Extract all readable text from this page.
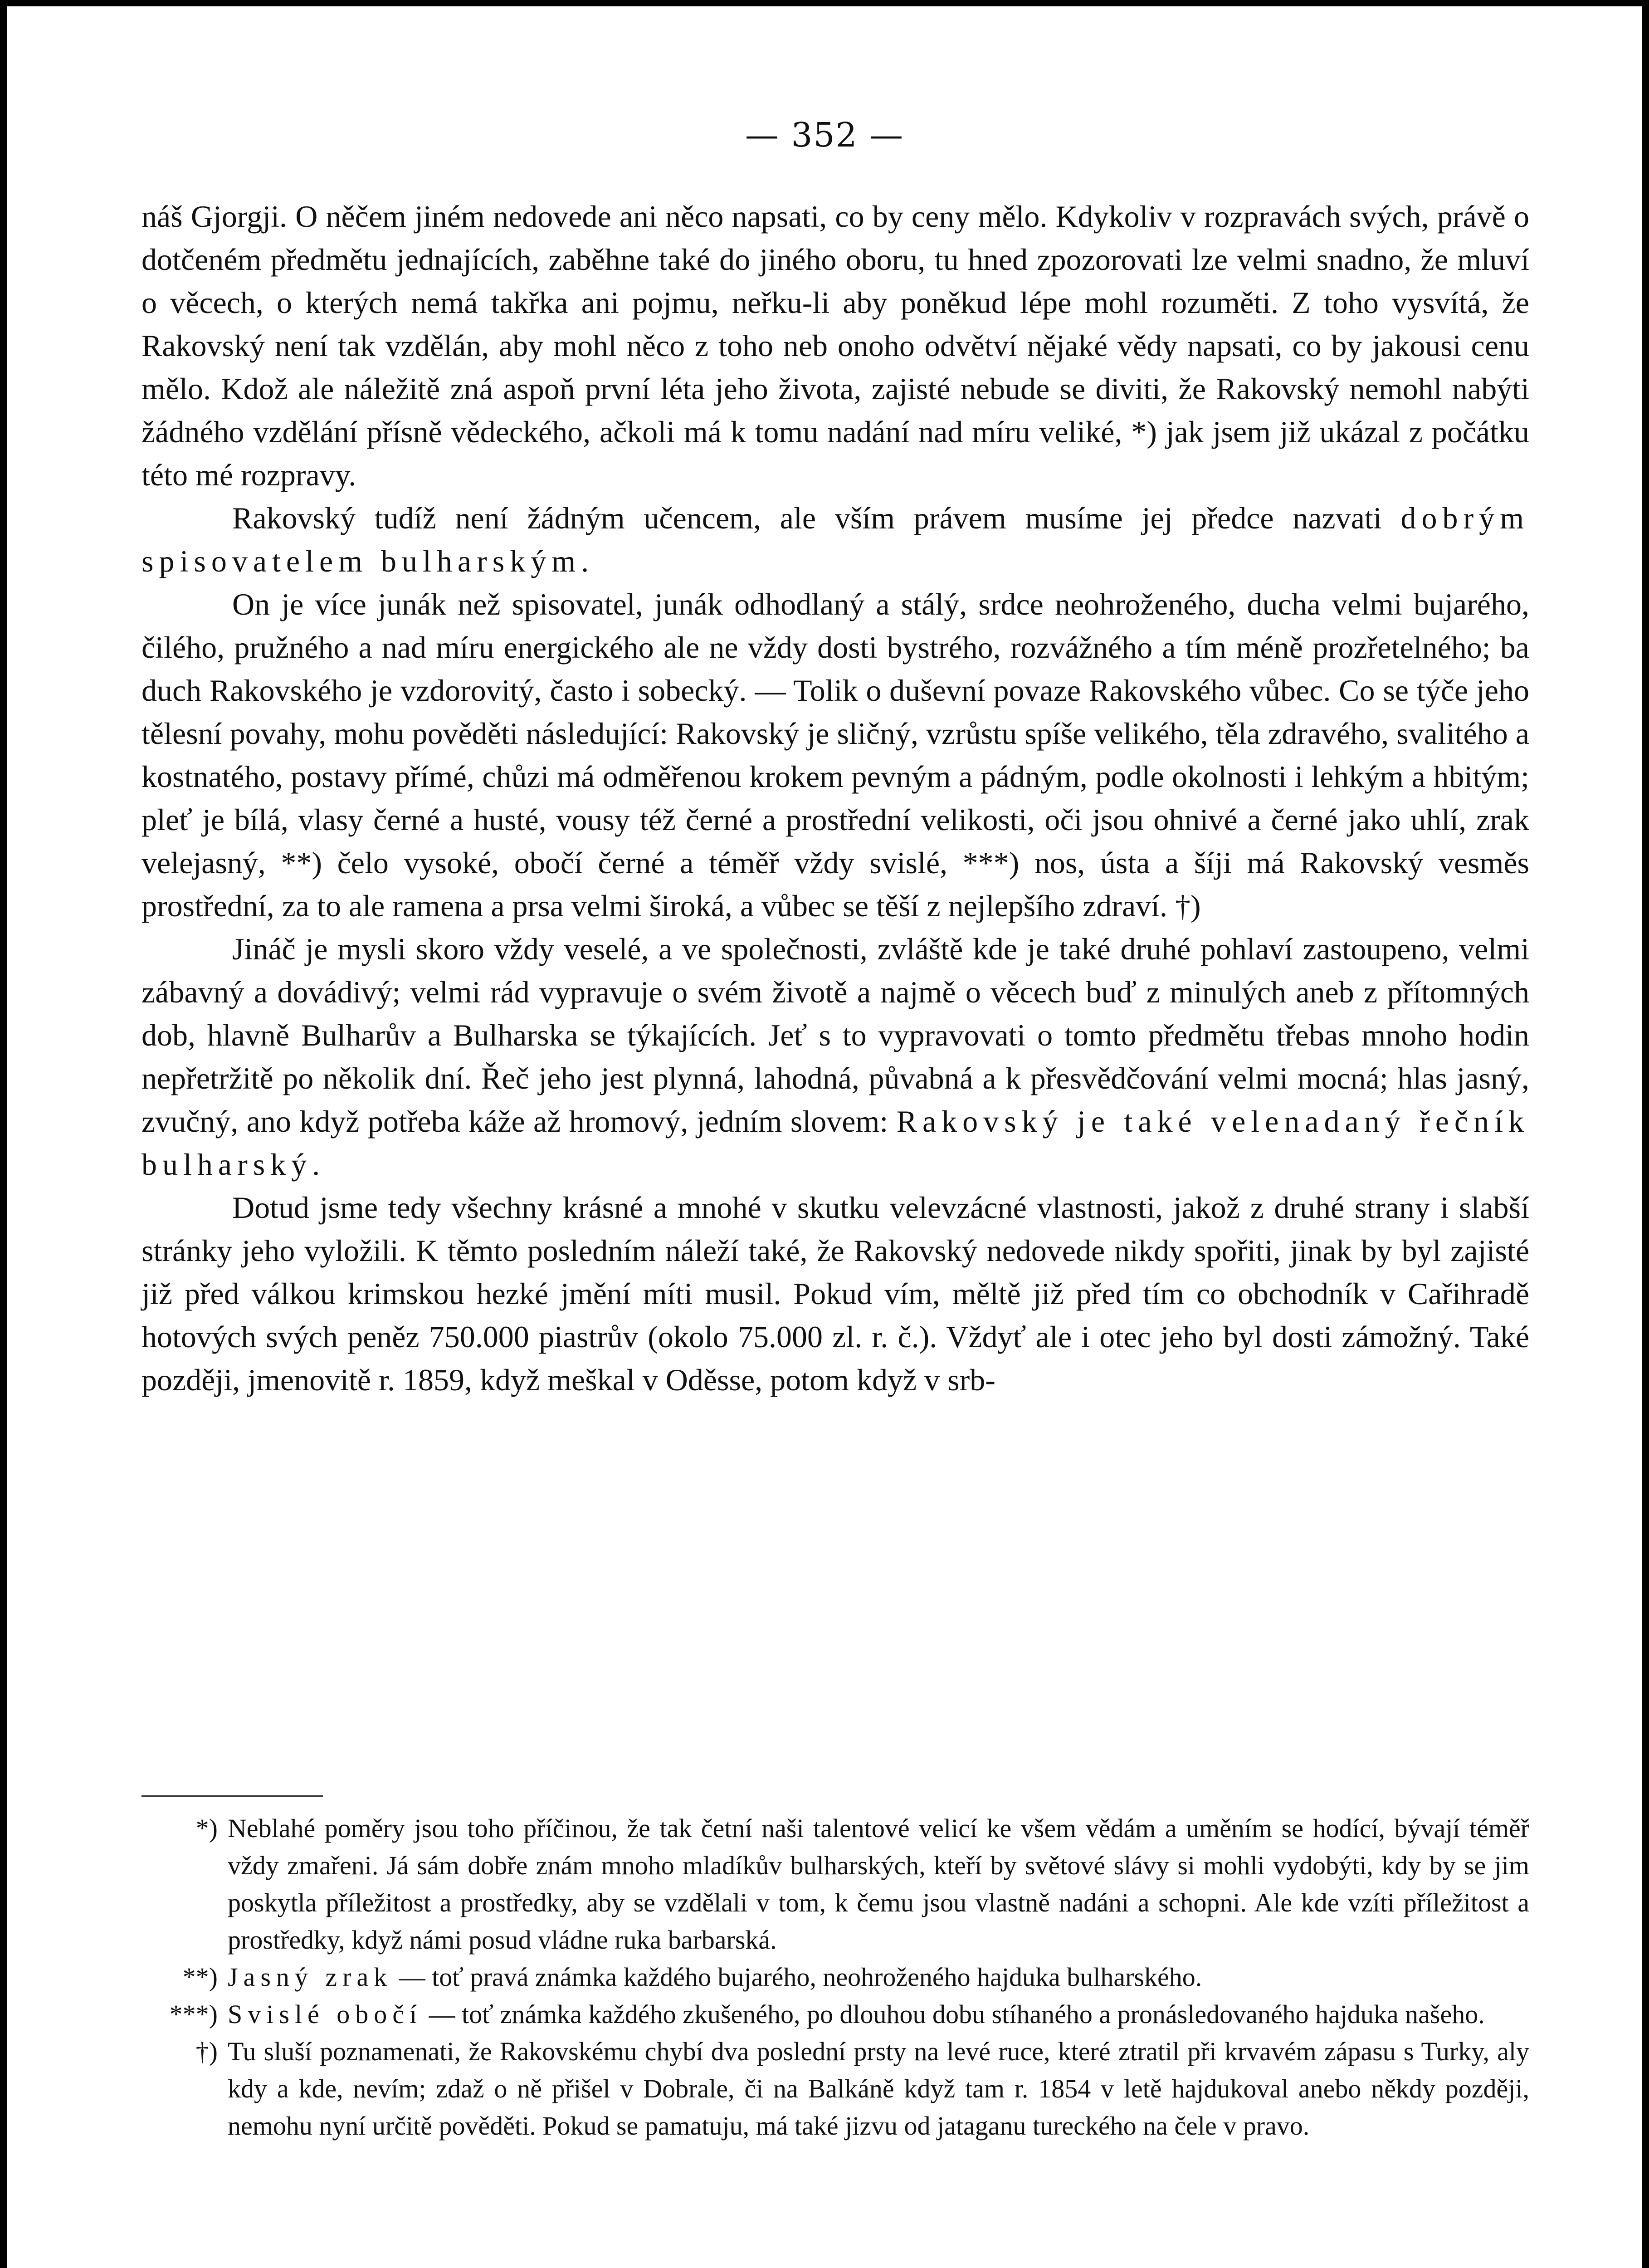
— 352 —

náš Gjorgji. O něčem jiném nedovede ani něco napsati, co by ceny mělo. Kdykoliv v rozpravách svých, právě o dotčeném předmětu jednajících, zaběhne také do jiného oboru, tu hned zpozorovati lze velmi snadno, že mluví o věcech, o kterých nemá takřka ani pojmu, neřku-li aby poněkud lépe mohl rozuměti. Z toho vysvítá, že Rakovský není tak vzdělán, aby mohl něco z toho neb onoho odvětví nějaké vědy napsati, co by jakousi cenu mělo. Kdož ale náležitě zná aspoň první léta jeho života, zajisté nebude se diviti, že Rakovský nemohl nabýti žádného vzdělání přísně vědeckého, ačkoli má k tomu nadání nad míru veliké, *) jak jsem již ukázal z počátku této mé rozpravy.

Rakovský tudíž není žádným učencem, ale vším právem musíme jej předce nazvati dobrým spisovatelem bulharským.

On je více junák než spisovatel, junák odhodlaný a stálý, srdce neohroženého, ducha velmi bujarého, čilého, pružného a nad míru energického ale ne vždy dosti bystrého, rozvážného a tím méně prozřetelného; ba duch Rakovského je vzdorovitý, často i sobecký. — Tolik o duševní povaze Rakovského vůbec. Co se týče jeho tělesní povahy, mohu pověděti následující: Rakovský je sličný, vzrůstu spíše velikého, těla zdravého, svalitého a kostnatého, postavy přímé, chůzi má odměřenou krokem pevným a pádným, podle okolnosti i lehkým a hbitým; pleť je bílá, vlasy černé a husté, vousy též černé a prostřední velikosti, oči jsou ohnivé a černé jako uhlí, zrak velejasný, **) čelo vysoké, obočí černé a téměř vždy svislé, ***) nos, ústa a šíji má Rakovský vesměs prostřední, za to ale ramena a prsa velmi široká, a vůbec se těší z nejlepšího zdraví. †)

Jináč je mysli skoro vždy veselé, a ve společnosti, zvláště kde je také druhé pohlaví zastoupeno, velmi zábavný a dovádivý; velmi rád vypravuje o svém životě a najmě o věcech buď z minulých aneb z přítomných dob, hlavně Bulharův a Bulharska se týkajících. Jeť s to vypravovati o tomto předmětu třebas mnoho hodin nepřetržitě po několik dní. Řeč jeho jest plynná, lahodná, půvabná a k přesvědčování velmi mocná; hlas jasný, zvučný, ano když potřeba káže až hromový, jedním slovem: Rakovský je také velenadaný řečník bulharský.

Dotud jsme tedy všechny krásné a mnohé v skutku velevzácné vlastnosti, jakož z druhé strany i slabší stránky jeho vyložili. K těmto posledním náleží také, že Rakovský nedovede nikdy spořiti, jinak by byl zajisté již před válkou krimskou hezké jmění míti musil. Pokud vím, měltě již před tím co obchodník v Cařihradě hotových svých peněz 750.000 piastrův (okolo 75.000 zl. r. č.). Vždyť ale i otec jeho byl dosti zámožný. Také později, jmenovitě r. 1859, když meškal v Oděsse, potom když v srb-

*) Neblahé poměry jsou toho příčinou, že tak četní naši talentové velicí ke všem vědám a uměním se hodící, bývají téměř vždy zmařeni. Já sám dobře znám mnoho mladíkův bulharských, kteří by světové slávy si mohli vydobýti, kdy by se jim poskytla příležitost a prostředky, aby se vzdělali v tom, k čemu jsou vlastně nadáni a schopni. Ale kde vzíti příležitost a prostředky, když námi posud vládne ruka barbarská.
**) Jasný zrak — toť pravá známka každého bujarého, neohroženého hajduka bulharského.
***) Svislé obočí — toť známka každého zkušeného, po dlouhou dobu stíhaného a pronásledovaného hajduka našeho.
†) Tu sluší poznamenati, že Rakovskému chybí dva poslední prsty na levé ruce, které ztratil při krvavém zápasu s Turky, aly kdy a kde, nevím; zdaž o ně přišel v Dobrale, či na Balkáně když tam r. 1854 v letě hajdukoval anebo někdy později, nemohu nyní určitě pověděti. Pokud se pamatuju, má také jizvu od jataganu tureckého na čele v pravo.
